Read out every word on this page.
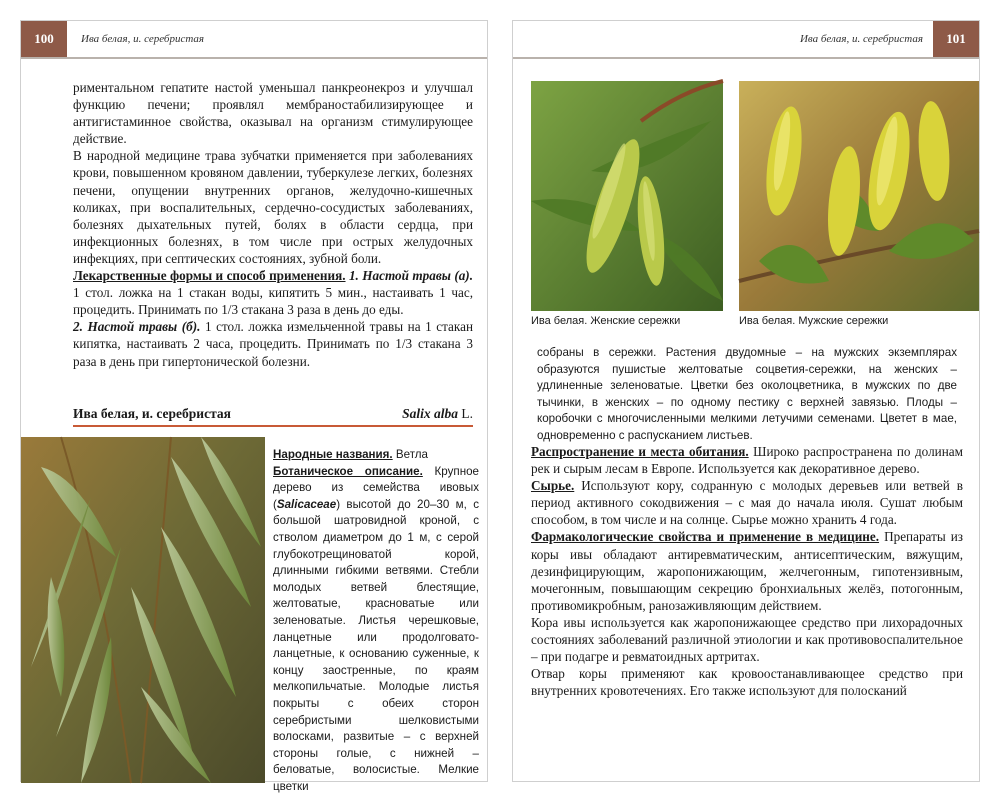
100	Ива белая, и. серебристая

риментальном гепатите настой уменьшал панкреонекроз и улучшал функцию печени; проявлял мембраностабилизирующее и антигистаминное свойства, оказывал на организм стимулирующее действие.

В народной медицине трава зубчатки применяется при заболеваниях крови, повышенном кровяном давлении, туберкулезе легких, болезнях печени, опущении внутренних органов, желудочно-кишечных коликах, при воспалительных, сердечно-сосудистых заболеваниях, болезнях дыхательных путей, болях в области сердца, при инфекционных болезнях, в том числе при острых желудочных инфекциях, при септических состояниях, зубной боли.

Лекарственные формы и способ применения. 1. Настой травы (а). 1 стол. ложка на 1 стакан воды, кипятить 5 мин., настаивать 1 час, процедить. Принимать по 1/3 стакана 3 раза в день до еды.

2. Настой травы (б). 1 стол. ложка измельченной травы на 1 стакан кипятка, настаивать 2 часа, процедить. Принимать по 1/3 стакана 3 раза в день при гипертонической болезни.

Ива белая, и. серебристая	Salix alba L.

Народные названия. Ветла

Ботаническое описание. Крупное дерево из семейства ивовых (Salicaceae) высотой до 20–30 м, с большой шатровидной кроной, с стволом диаметром до 1 м, с серой глубокотрещиноватой корой, длинными гибкими ветвями. Стебли молодых ветвей блестящие, желтоватые, красноватые или зеленоватые. Листья черешковые, ланцетные или продолговато-ланцетные, к основанию суженные, к концу заостренные, по краям мелкопильчатые. Молодые листья покрыты с обеих сторон серебристыми шелковистыми волосками, развитые – с верхней стороны голые, с нижней – беловатые, волосистые. Мелкие цветки

Ива белая, и. серебристая	101
Ива белая. Женские сережки	Ива белая. Мужские сережки

собраны в сережки. Растения двудомные – на мужских экземплярах образуются пушистые желтоватые соцветия-сережки, на женских – удлиненные зеленоватые. Цветки без околоцветника, в мужских по две тычинки, в женских – по одному пестику с верхней завязью. Плоды – коробочки с многочисленными мелкими летучими семенами. Цветет в мае, одновременно с распусканием листьев.

Распространение и места обитания. Широко распространена по долинам рек и сырым лесам в Европе. Используется как декоративное дерево.

Сырье. Используют кору, содранную с молодых деревьев или ветвей в период активного сокодвижения – с мая до начала июля. Сушат любым способом, в том числе и на солнце. Сырье можно хранить 4 года.

Фармакологические свойства и применение в медицине. Препараты из коры ивы обладают антиревматическим, антисептическим, вяжущим, дезинфицирующим, жаропонижающим, желчегонным, гипотензивным, мочегонным, повышающим секрецию бронхиальных желёз, потогонным, противомикробным, ранозаживляющим действием.

Кора ивы используется как жаропонижающее средство при лихорадочных состояниях заболеваний различной этиологии и как противовоспалительное – при подагре и ревматоидных артритах.

Отвар коры применяют как кровоостанавливающее средство при внутренних кровотечениях. Его также используют для полосканий
